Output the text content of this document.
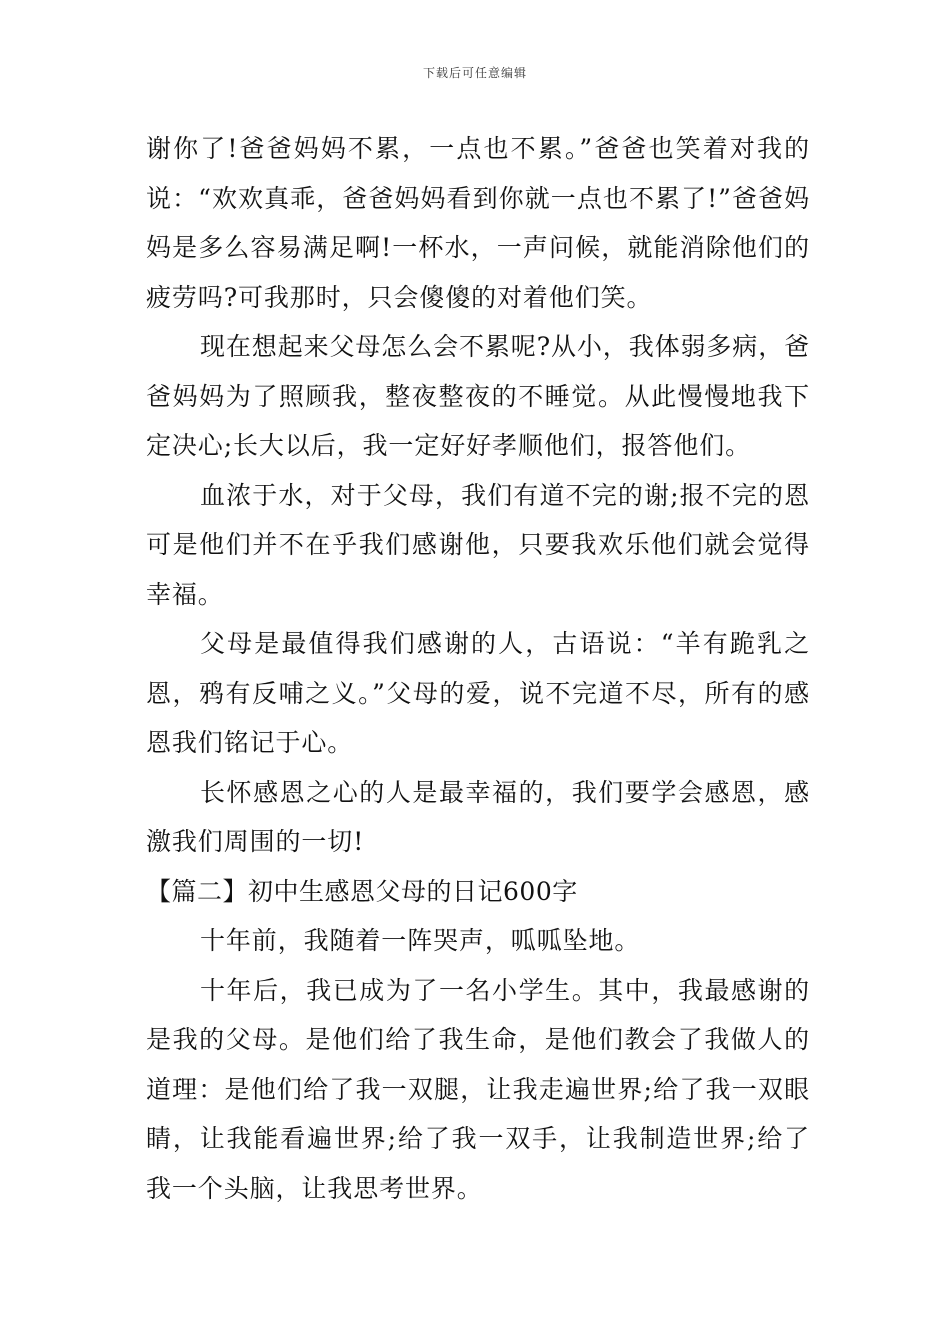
下载后可任意编辑

谢你了!爸爸妈妈不累，一点也不累。”爸爸也笑着对我的说：“欢欢真乖，爸爸妈妈看到你就一点也不累了!”爸爸妈妈是多么容易满足啊!一杯水，一声问候，就能消除他们的疲劳吗?可我那时，只会傻傻的对着他们笑。

现在想起来父母怎么会不累呢?从小，我体弱多病，爸爸妈妈为了照顾我，整夜整夜的不睡觉。从此慢慢地我下定决心;长大以后，我一定好好孝顺他们，报答他们。

血浓于水，对于父母，我们有道不完的谢;报不完的恩可是他们并不在乎我们感谢他，只要我欢乐他们就会觉得幸福。

父母是最值得我们感谢的人，古语说：“羊有跪乳之恩，鸦有反哺之义。”父母的爱，说不完道不尽，所有的感恩我们铭记于心。

长怀感恩之心的人是最幸福的，我们要学会感恩，感激我们周围的一切!

【篇二】初中生感恩父母的日记600字

十年前，我随着一阵哭声，呱呱坠地。

十年后，我已成为了一名小学生。其中，我最感谢的是我的父母。是他们给了我生命，是他们教会了我做人的道理：是他们给了我一双腿，让我走遍世界;给了我一双眼睛，让我能看遍世界;给了我一双手，让我制造世界;给了我一个头脑，让我思考世界。
